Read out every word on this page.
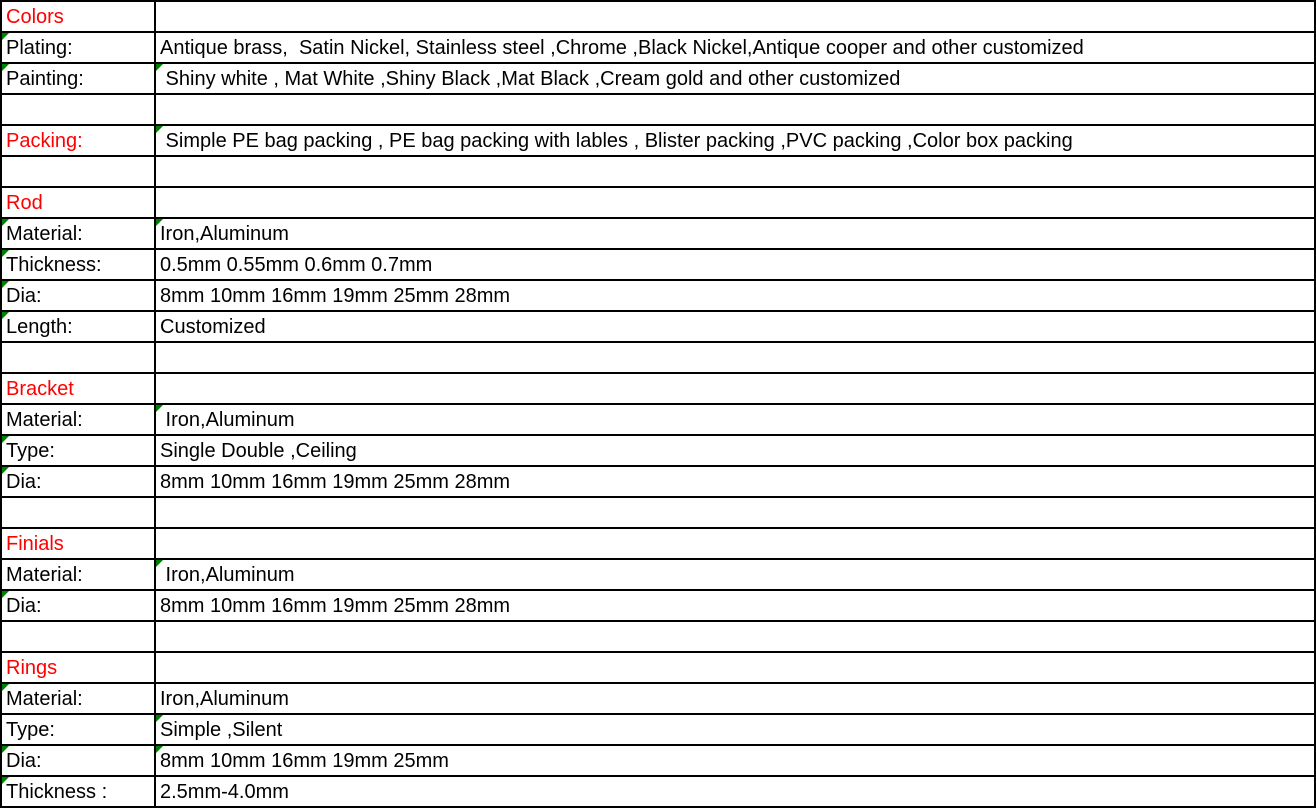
Colors	

Plating:	Antique brass,  Satin Nickel, Stainless steel ,Chrome ,Black Nickel,Antique cooper and other customized

Painting:	Shiny white , Mat White ,Shiny Black ,Mat Black ,Cream gold and other customized

Packing:	Simple PE bag packing , PE bag packing with lables , Blister packing ,PVC packing ,Color box packing

Rod	

Material:	Iron,Aluminum

Thickness:	0.5mm 0.55mm 0.6mm 0.7mm

Dia:	8mm 10mm 16mm 19mm 25mm 28mm

Length:	Customized

Bracket	
Material:	Iron,Aluminum

Type:	Single Double ,Ceiling

Dia:	8mm 10mm 16mm 19mm 25mm 28mm

Finials	
Material:	Iron,Aluminum

Dia:	8mm 10mm 16mm 19mm 25mm 28mm

Rings	

Material:	Iron,Aluminum
Type:	Simple ,Silent

Dia:	8mm 10mm 16mm 19mm 25mm

Thickness :	2.5mm-4.0mm
